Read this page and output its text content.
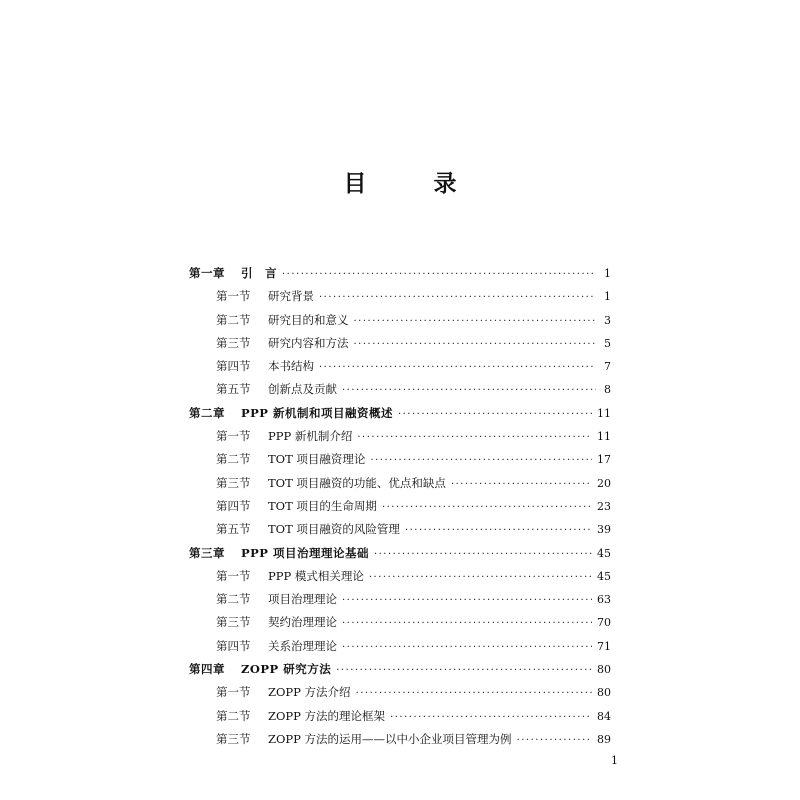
目　录
第一章	引　言 ·····	1
第一节	研究背景 ·····	1
第二节	研究目的和意义 ·····	3
第三节	研究内容和方法 ·····	5
第四节	本书结构 ·····	7
第五节	创新点及贡献 ·····	8
第二章	PPP 新机制和项目融资概述 ·····	11
第一节	PPP 新机制介绍 ·····	11
第二节	TOT 项目融资理论 ·····	17
第三节	TOT 项目融资的功能、优点和缺点 ·····	20
第四节	TOT 项目的生命周期 ·····	23
第五节	TOT 项目融资的风险管理 ·····	39
第三章	PPP 项目治理理论基础 ·····	45
第一节	PPP 模式相关理论 ·····	45
第二节	项目治理理论 ·····	63
第三节	契约治理理论 ·····	70
第四节	关系治理理论 ·····	71
第四章	ZOPP 研究方法 ·····	80
第一节	ZOPP 方法介绍 ·····	80
第二节	ZOPP 方法的理论框架 ·····	84
第三节	ZOPP 方法的运用——以中小企业项目管理为例 ·····	89
1
